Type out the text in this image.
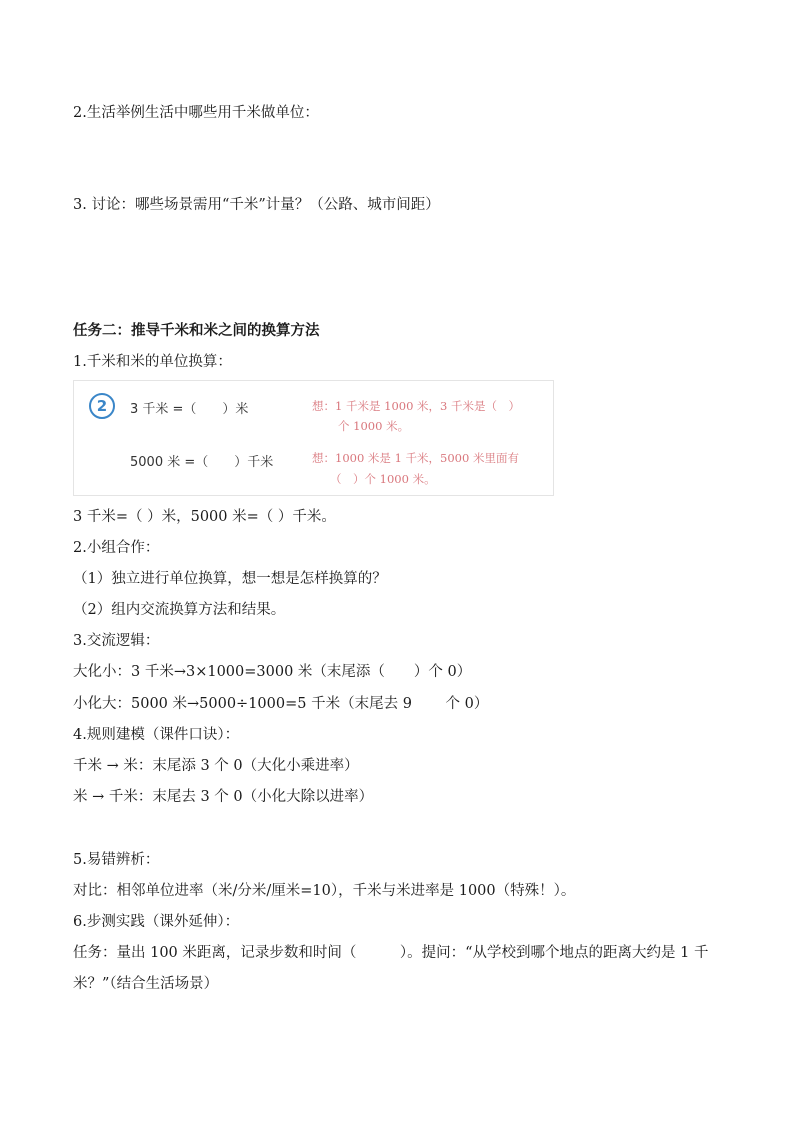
2.生活举例生活中哪些用千米做单位：
3. 讨论：哪些场景需用“千米”计量？（公路、城市间距）
任务二：推导千米和米之间的换算方法
1.千米和米的单位换算：
2	3 千米 =（　　）米	想：1 千米是 1000 米，3 千米是（　）
个 1000 米。
5000 米 =（　　）千米	想：1000 米是 1 千米，5000 米里面有
（　）个 1000 米。
3 千米=（ ）米，5000 米=（ ）千米。
2.小组合作：
（1）独立进行单位换算，想一想是怎样换算的？
（2）组内交流换算方法和结果。
3.交流逻辑：
大化小：3 千米→3×1000=3000 米（末尾添（　　）个 0）
小化大：5000 米→5000÷1000=5 千米（末尾去 9　　 个 0）
4.规则建模（课件口诀）：
千米 → 米：末尾添 3 个 0（大化小乘进率）
米 → 千米：末尾去 3 个 0（小化大除以进率）
5.易错辨析：
对比：相邻单位进率（米/分米/厘米=10），千米与米进率是 1000（特殊！）。
6.步测实践（课外延伸）：
任务：量出 100 米距离，记录步数和时间（　　　）。提问：“从学校到哪个地点的距离大约是 1 千米？”（结合生活场景）
